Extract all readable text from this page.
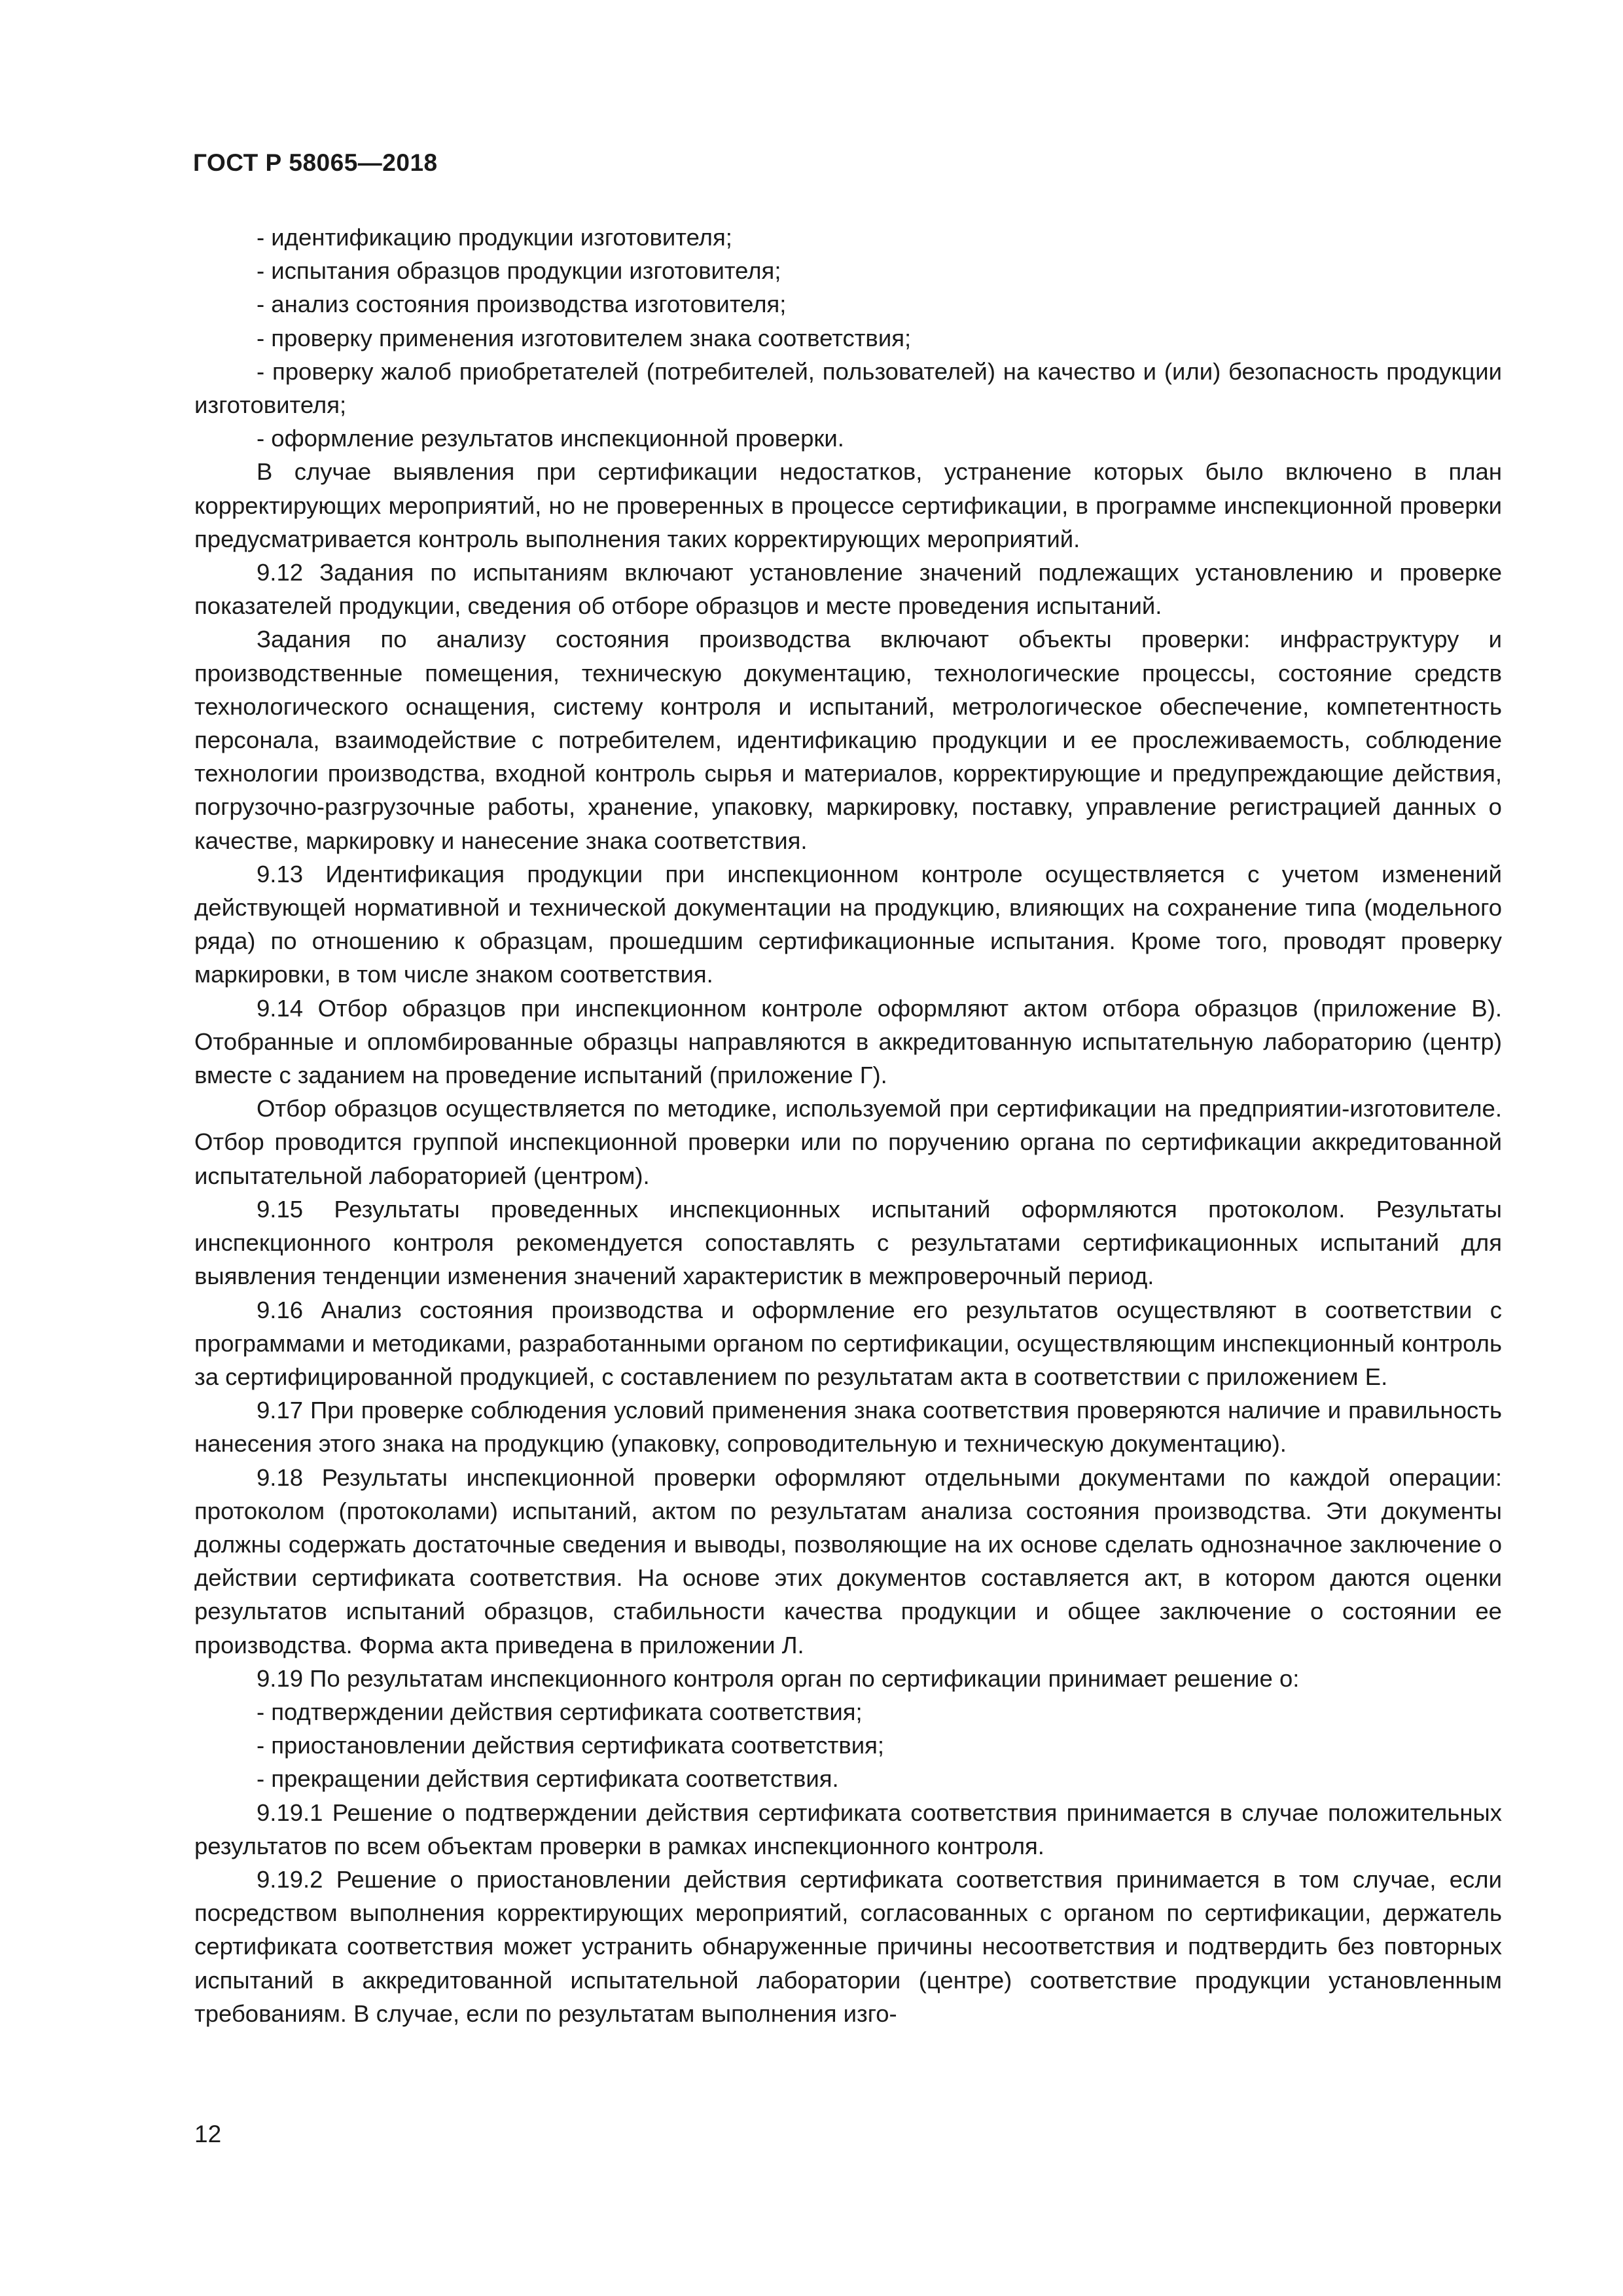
ГОСТ Р 58065—2018

- идентификацию продукции изготовителя;

- испытания образцов продукции изготовителя;

- анализ состояния производства изготовителя;

- проверку применения изготовителем знака соответствия;

- проверку жалоб приобретателей (потребителей, пользователей) на качество и (или) безопасность продукции изготовителя;

- оформление результатов инспекционной проверки.

В случае выявления при сертификации недостатков, устранение которых было включено в план корректирующих мероприятий, но не проверенных в процессе сертификации, в программе инспекционной проверки предусматривается контроль выполнения таких корректирующих мероприятий.

9.12 Задания по испытаниям включают установление значений подлежащих установлению и проверке показателей продукции, сведения об отборе образцов и месте проведения испытаний.

Задания по анализу состояния производства включают объекты проверки: инфраструктуру и производственные помещения, техническую документацию, технологические процессы, состояние средств технологического оснащения, систему контроля и испытаний, метрологическое обеспечение, компетентность персонала, взаимодействие с потребителем, идентификацию продукции и ее прослеживаемость, соблюдение технологии производства, входной контроль сырья и материалов, корректирующие и предупреждающие действия, погрузочно-разгрузочные работы, хранение, упаковку, маркировку, поставку, управление регистрацией данных о качестве, маркировку и нанесение знака соответствия.

9.13 Идентификация продукции при инспекционном контроле осуществляется с учетом изменений действующей нормативной и технической документации на продукцию, влияющих на сохранение типа (модельного ряда) по отношению к образцам, прошедшим сертификационные испытания. Кроме того, проводят проверку маркировки, в том числе знаком соответствия.

9.14 Отбор образцов при инспекционном контроле оформляют актом отбора образцов (приложение В). Отобранные и опломбированные образцы направляются в аккредитованную испытательную лабораторию (центр) вместе с заданием на проведение испытаний (приложение Г).

Отбор образцов осуществляется по методике, используемой при сертификации на предприятии-изготовителе. Отбор проводится группой инспекционной проверки или по поручению органа по сертификации аккредитованной испытательной лабораторией (центром).

9.15 Результаты проведенных инспекционных испытаний оформляются протоколом. Результаты инспекционного контроля рекомендуется сопоставлять с результатами сертификационных испытаний для выявления тенденции изменения значений характеристик в межпроверочный период.

9.16 Анализ состояния производства и оформление его результатов осуществляют в соответствии с программами и методиками, разработанными органом по сертификации, осуществляющим инспекционный контроль за сертифицированной продукцией, с составлением по результатам акта в соответствии с приложением Е.

9.17 При проверке соблюдения условий применения знака соответствия проверяются наличие и правильность нанесения этого знака на продукцию (упаковку, сопроводительную и техническую документацию).

9.18 Результаты инспекционной проверки оформляют отдельными документами по каждой операции: протоколом (протоколами) испытаний, актом по результатам анализа состояния производства. Эти документы должны содержать достаточные сведения и выводы, позволяющие на их основе сделать однозначное заключение о действии сертификата соответствия. На основе этих документов составляется акт, в котором даются оценки результатов испытаний образцов, стабильности качества продукции и общее заключение о состоянии ее производства. Форма акта приведена в приложении Л.

9.19 По результатам инспекционного контроля орган по сертификации принимает решение о:

- подтверждении действия сертификата соответствия;

- приостановлении действия сертификата соответствия;

- прекращении действия сертификата соответствия.

9.19.1 Решение о подтверждении действия сертификата соответствия принимается в случае положительных результатов по всем объектам проверки в рамках инспекционного контроля.

9.19.2 Решение о приостановлении действия сертификата соответствия принимается в том случае, если посредством выполнения корректирующих мероприятий, согласованных с органом по сертификации, держатель сертификата соответствия может устранить обнаруженные причины несоответствия и подтвердить без повторных испытаний в аккредитованной испытательной лаборатории (центре) соответствие продукции установленным требованиям. В случае, если по результатам выполнения изго-

12
